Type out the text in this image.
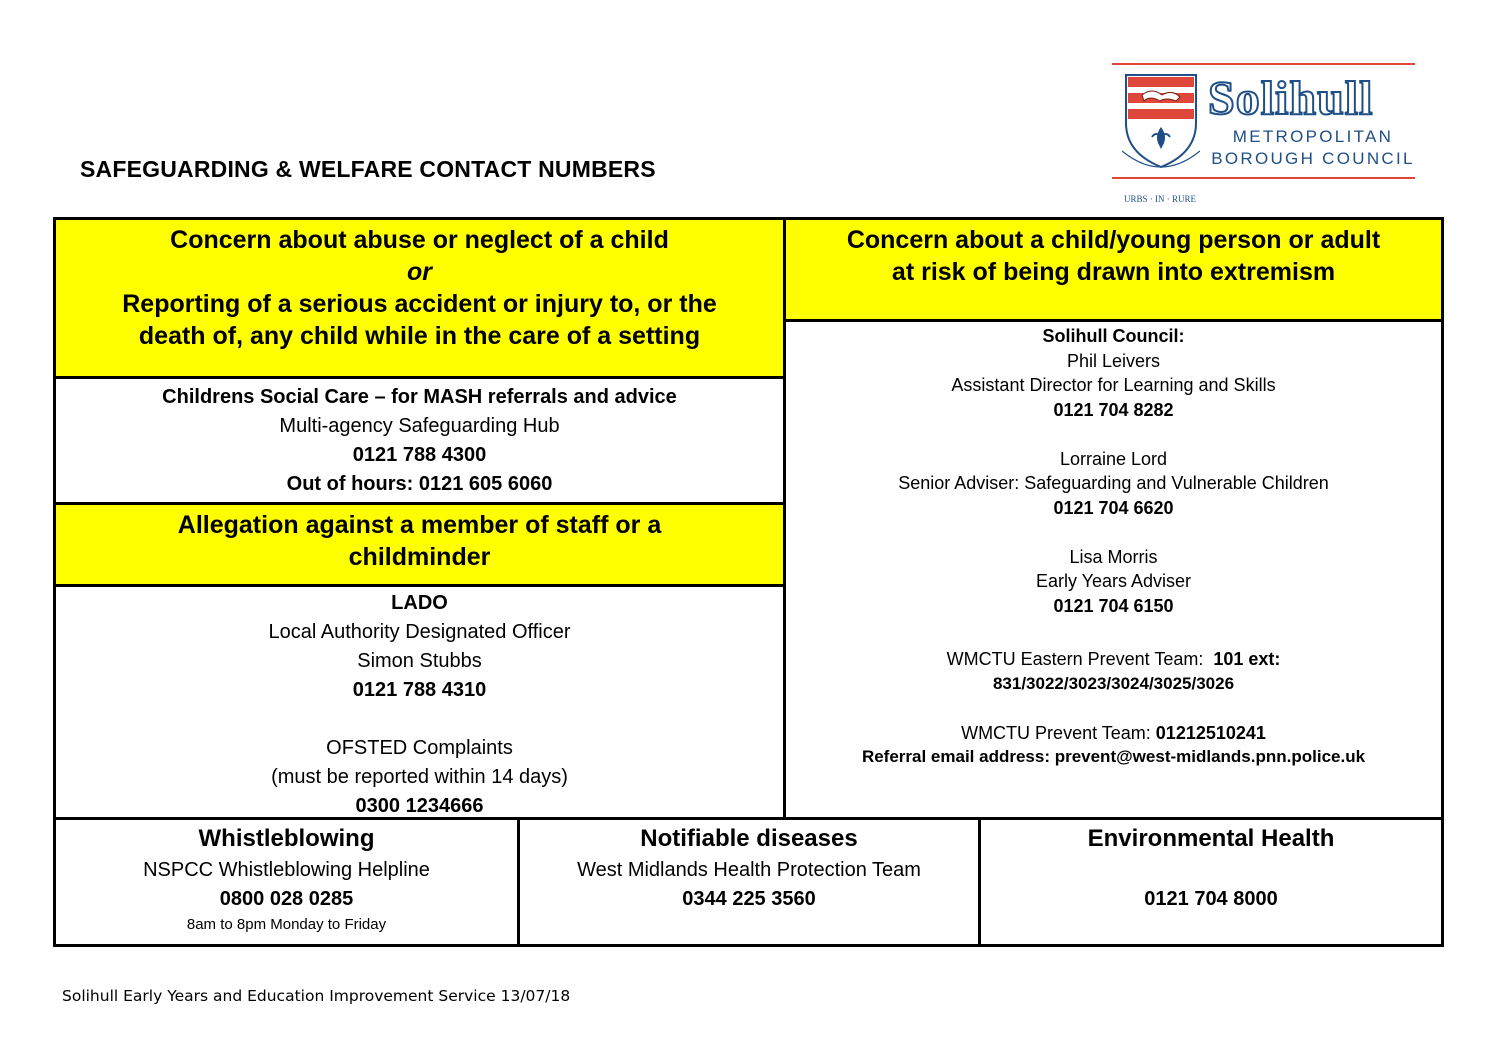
SAFEGUARDING & WELFARE CONTACT NUMBERS
URBS · IN · RURE
Solihull
METROPOLITAN
BOROUGH COUNCIL
Concern about abuse or neglect of a child
or
Reporting of a serious accident or injury to, or the
death of, any child while in the care of a setting
Childrens Social Care – for MASH referrals and advice
Multi-agency Safeguarding Hub
0121 788 4300
Out of hours: 0121 605 6060
Allegation against a member of staff or a
childminder
LADO
Local Authority Designated Officer
Simon Stubbs
0121 788 4310
OFSTED Complaints
(must be reported within 14 days)
0300 1234666
Concern about a child/young person or adult
at risk of being drawn into extremism
Solihull Council:
Phil Leivers
Assistant Director for Learning and Skills
0121 704 8282
Lorraine Lord
Senior Adviser: Safeguarding and Vulnerable Children
0121 704 6620
Lisa Morris
Early Years Adviser
0121 704 6150
WMCTU Eastern Prevent Team: 101 ext:
831/3022/3023/3024/3025/3026
WMCTU Prevent Team: 01212510241
Referral email address: prevent@west-midlands.pnn.police.uk
Whistleblowing
NSPCC Whistleblowing Helpline
0800 028 0285
8am to 8pm Monday to Friday
Notifiable diseases
West Midlands Health Protection Team
0344 225 3560
Environmental Health
0121 704 8000
Solihull Early Years and Education Improvement Service 13/07/18
